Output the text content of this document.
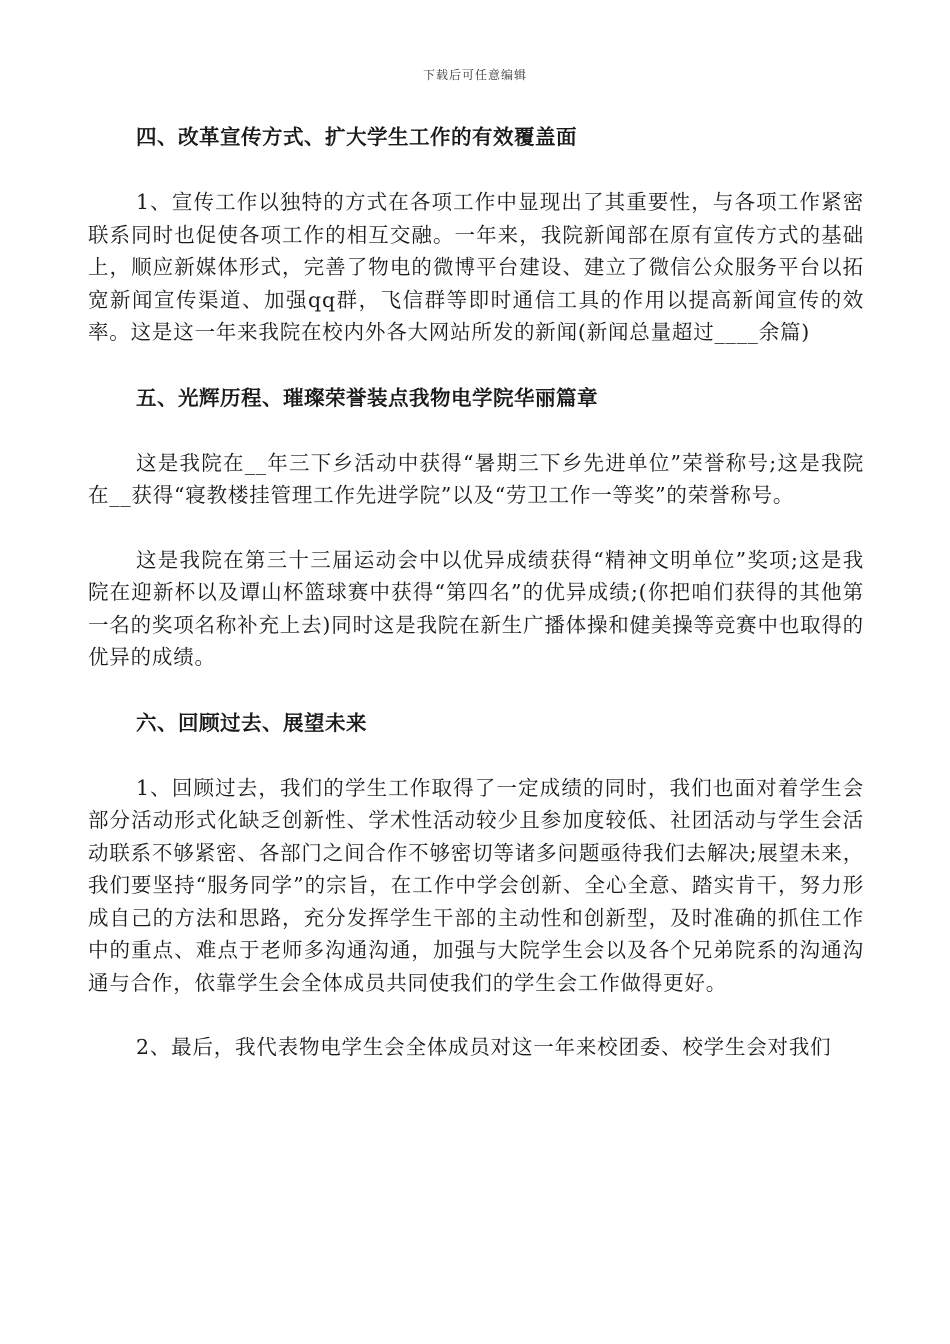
下载后可任意编辑
四、改革宣传方式、扩大学生工作的有效覆盖面

1、宣传工作以独特的方式在各项工作中显现出了其重要性，与各项工作紧密联系同时也促使各项工作的相互交融。一年来，我院新闻部在原有宣传方式的基础上，顺应新媒体形式，完善了物电的微博平台建设、建立了微信公众服务平台以拓宽新闻宣传渠道、加强qq群，飞信群等即时通信工具的作用以提高新闻宣传的效率。这是这一年来我院在校内外各大网站所发的新闻(新闻总量超过____余篇)

五、光辉历程、璀璨荣誉装点我物电学院华丽篇章

这是我院在__年三下乡活动中获得“暑期三下乡先进单位”荣誉称号;这是我院在__获得“寝教楼挂管理工作先进学院”以及“劳卫工作一等奖”的荣誉称号。

这是我院在第三十三届运动会中以优异成绩获得“精神文明单位”奖项;这是我院在迎新杯以及谭山杯篮球赛中获得“第四名”的优异成绩;(你把咱们获得的其他第一名的奖项名称补充上去)同时这是我院在新生广播体操和健美操等竞赛中也取得的优异的成绩。

六、回顾过去、展望未来

1、回顾过去，我们的学生工作取得了一定成绩的同时，我们也面对着学生会部分活动形式化缺乏创新性、学术性活动较少且参加度较低、社团活动与学生会活动联系不够紧密、各部门之间合作不够密切等诸多问题亟待我们去解决;展望未来，我们要坚持“服务同学”的宗旨，在工作中学会创新、全心全意、踏实肯干，努力形成自己的方法和思路，充分发挥学生干部的主动性和创新型，及时准确的抓住工作中的重点、难点于老师多沟通沟通，加强与大院学生会以及各个兄弟院系的沟通沟通与合作，依靠学生会全体成员共同使我们的学生会工作做得更好。

2、最后，我代表物电学生会全体成员对这一年来校团委、校学生会对我们
